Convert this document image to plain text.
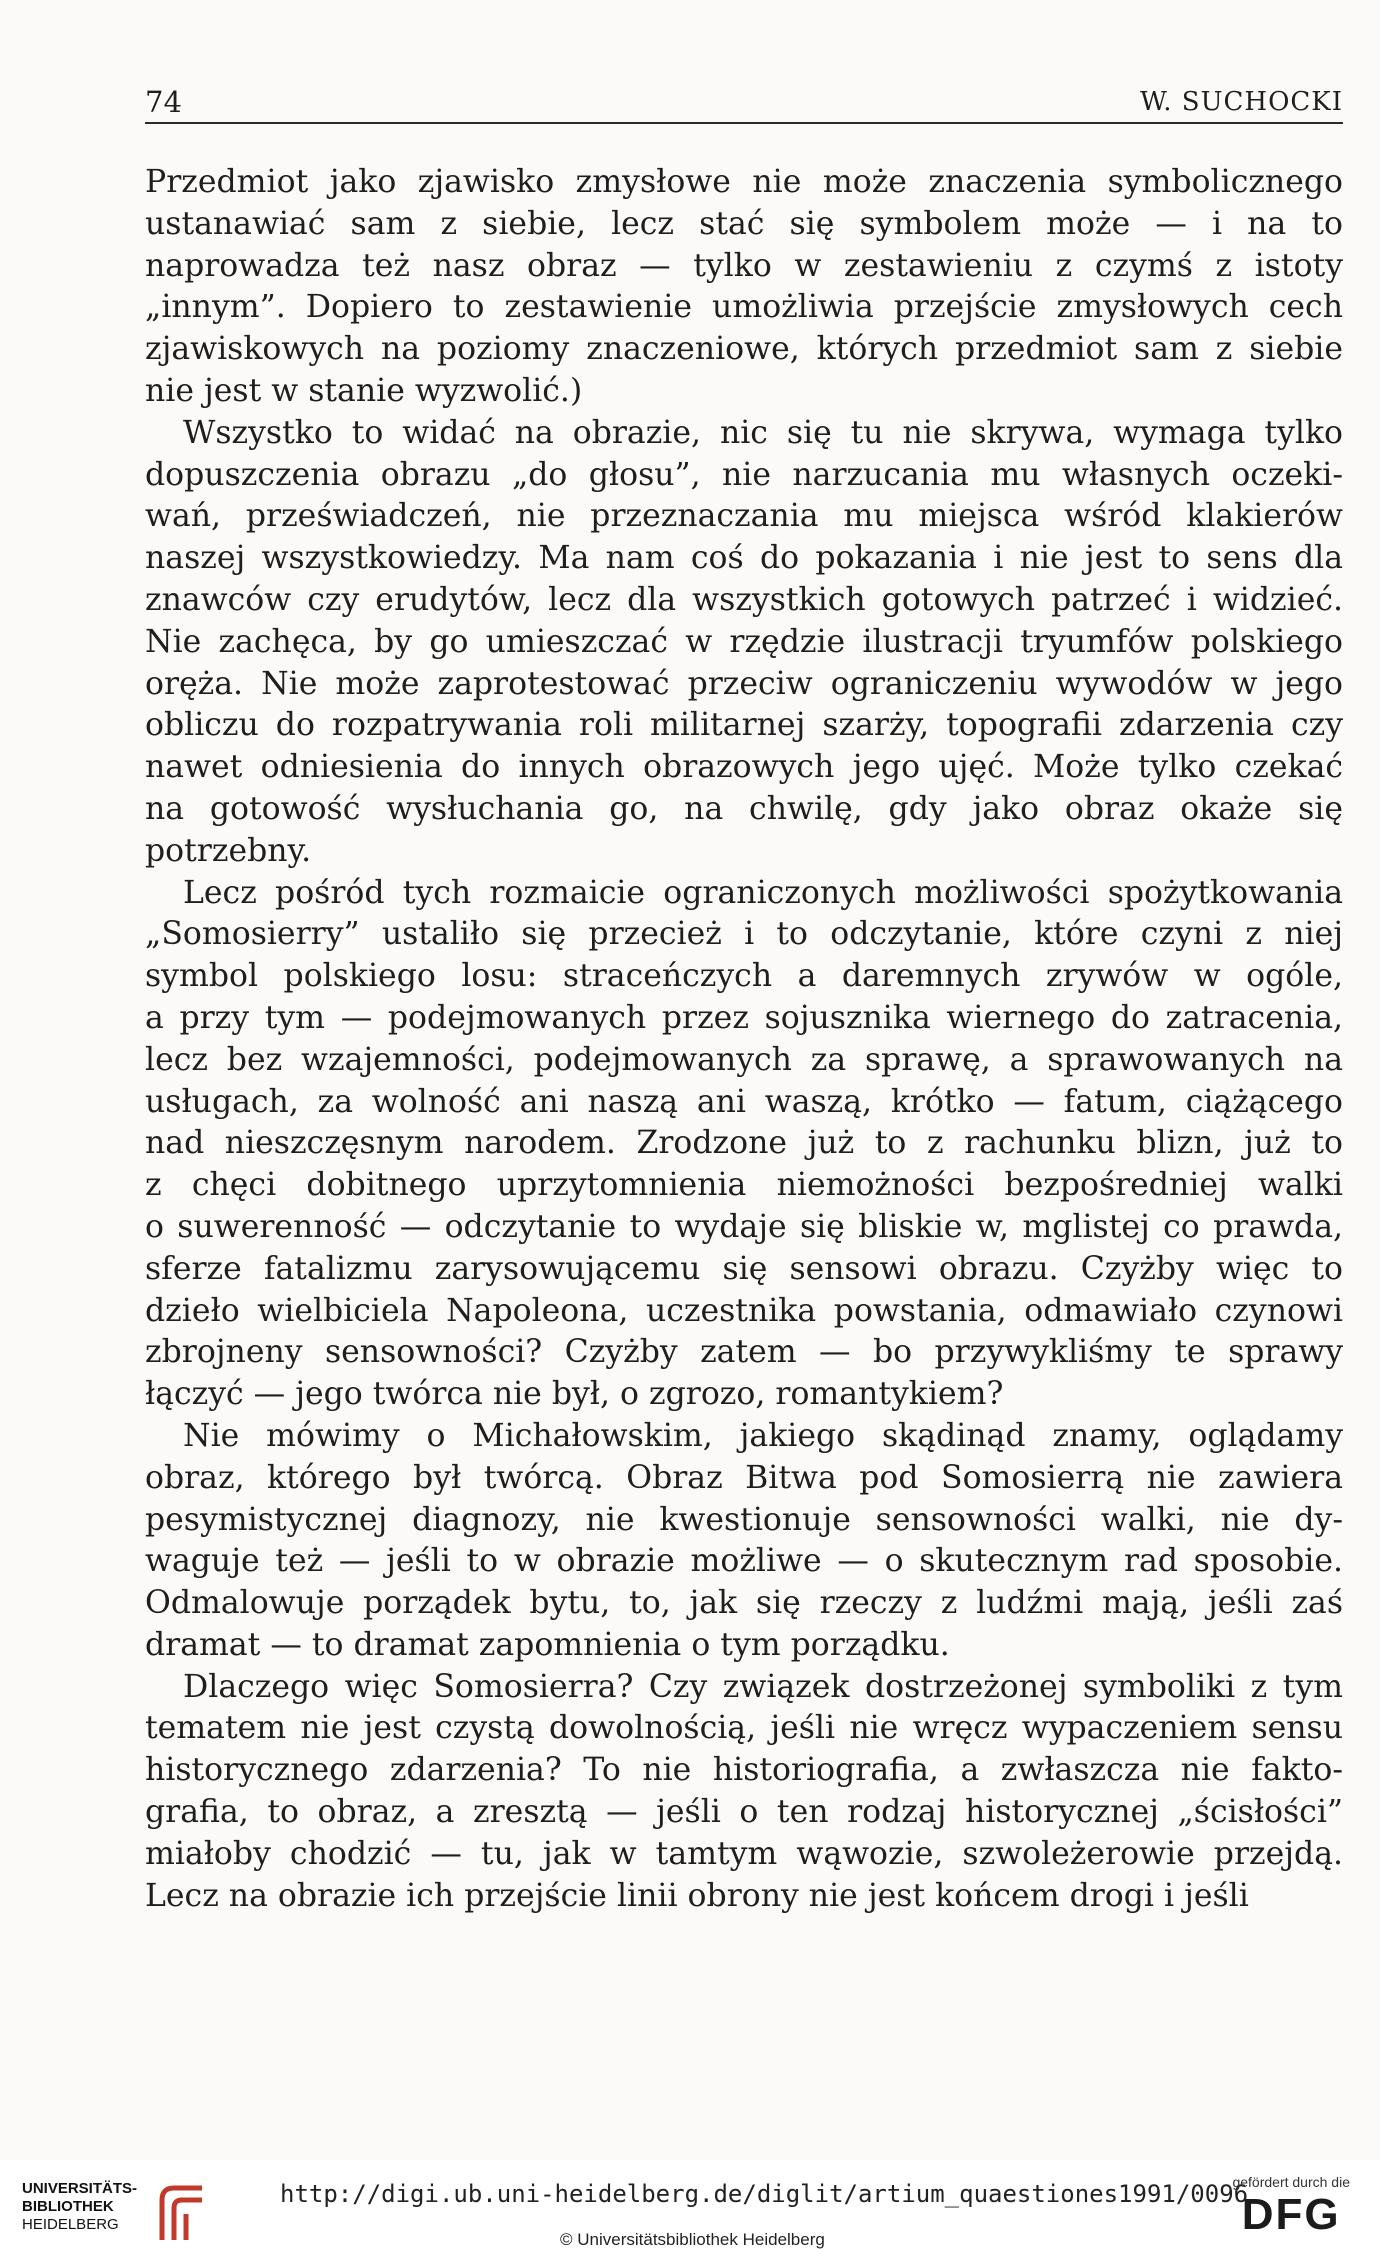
74	W. SUCHOCKI
Przedmiot jako zjawisko zmysłowe nie może znaczenia symbolicznego
ustanawiać sam z siebie, lecz stać się symbolem może — i na to
naprowadza też nasz obraz — tylko w zestawieniu z czymś z istoty
„innym”. Dopiero to zestawienie umożliwia przejście zmysłowych cech
zjawiskowych na poziomy znaczeniowe, których przedmiot sam z siebie
nie jest w stanie wyzwolić.)
Wszystko to widać na obrazie, nic się tu nie skrywa, wymaga tylko
dopuszczenia obrazu „do głosu”, nie narzucania mu własnych oczeki-
wań, przeświadczeń, nie przeznaczania mu miejsca wśród klakierów
naszej wszystkowiedzy. Ma nam coś do pokazania i nie jest to sens dla
znawców czy erudytów, lecz dla wszystkich gotowych patrzeć i widzieć.
Nie zachęca, by go umieszczać w rzędzie ilustracji tryumfów polskiego
oręża. Nie może zaprotestować przeciw ograniczeniu wywodów w jego
obliczu do rozpatrywania roli militarnej szarży, topografii zdarzenia czy
nawet odniesienia do innych obrazowych jego ujęć. Może tylko czekać
na gotowość wysłuchania go, na chwilę, gdy jako obraz okaże się
potrzebny.
Lecz pośród tych rozmaicie ograniczonych możliwości spożytkowania
„Somosierry” ustaliło się przecież i to odczytanie, które czyni z niej
symbol polskiego losu: straceńczych a daremnych zrywów w ogóle,
a przy tym — podejmowanych przez sojusznika wiernego do zatracenia,
lecz bez wzajemności, podejmowanych za sprawę, a sprawowanych na
usługach, za wolność ani naszą ani waszą, krótko — fatum, ciążącego
nad nieszczęsnym narodem. Zrodzone już to z rachunku blizn, już to
z chęci dobitnego uprzytomnienia niemożności bezpośredniej walki
o suwerenność — odczytanie to wydaje się bliskie w, mglistej co prawda,
sferze fatalizmu zarysowującemu się sensowi obrazu. Czyżby więc to
dzieło wielbiciela Napoleona, uczestnika powstania, odmawiało czynowi
zbrojneny sensowności? Czyżby zatem — bo przywykliśmy te sprawy
łączyć — jego twórca nie był, o zgrozo, romantykiem?
Nie mówimy o Michałowskim, jakiego skądinąd znamy, oglądamy
obraz, którego był twórcą. Obraz Bitwa pod Somosierrą nie zawiera
pesymistycznej diagnozy, nie kwestionuje sensowności walki, nie dy-
waguje też — jeśli to w obrazie możliwe — o skutecznym rad sposobie.
Odmalowuje porządek bytu, to, jak się rzeczy z ludźmi mają, jeśli zaś
dramat — to dramat zapomnienia o tym porządku.
Dlaczego więc Somosierra? Czy związek dostrzeżonej symboliki z tym
tematem nie jest czystą dowolnością, jeśli nie wręcz wypaczeniem sensu
historycznego zdarzenia? To nie historiografia, a zwłaszcza nie fakto-
grafia, to obraz, a zresztą — jeśli o ten rodzaj historycznej „ścisłości”
miałoby chodzić — tu, jak w tamtym wąwozie, szwoleżerowie przejdą.
Lecz na obrazie ich przejście linii obrony nie jest końcem drogi i jeśli
UNIVERSITÄTS-
BIBLIOTHEK
HEIDELBERG
http://digi.ub.uni-heidelberg.de/diglit/artium_quaestiones1991/0096
© Universitätsbibliothek Heidelberg
gefördert durch die
DFG
